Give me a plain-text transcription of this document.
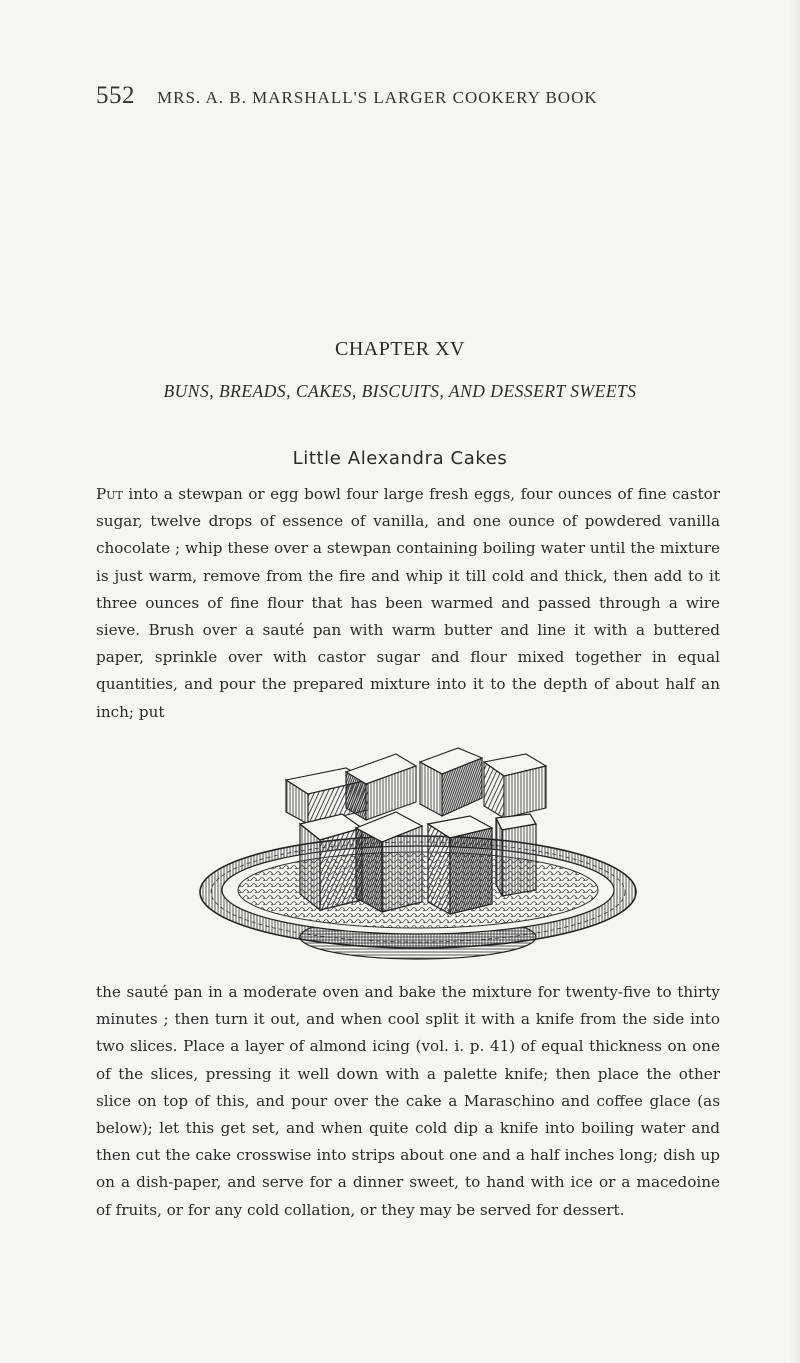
552 MRS. A. B. MARSHALL'S LARGER COOKERY BOOK
CHAPTER XV
BUNS, BREADS, CAKES, BISCUITS, AND DESSERT SWEETS
Little Alexandra Cakes

Put into a stewpan or egg bowl four large fresh eggs, four ounces of fine castor sugar, twelve drops of essence of vanilla, and one ounce of powdered vanilla chocolate ; whip these over a stewpan containing boiling water until the mixture is just warm, remove from the fire and whip it till cold and thick, then add to it three ounces of fine flour that has been warmed and passed through a wire sieve. Brush over a sauté pan with warm butter and line it with a buttered paper, sprinkle over with castor sugar and flour mixed together in equal quantities, and pour the prepared mixture into it to the depth of about half an inch; put

the sauté pan in a moderate oven and bake the mixture for twenty-five to thirty minutes ; then turn it out, and when cool split it with a knife from the side into two slices. Place a layer of almond icing (vol. i. p. 41) of equal thickness on one of the slices, pressing it well down with a palette knife; then place the other slice on top of this, and pour over the cake a Maraschino and coffee glace (as below); let this get set, and when quite cold dip a knife into boiling water and then cut the cake crosswise into strips about one and a half inches long; dish up on a dish-paper, and serve for a dinner sweet, to hand with ice or a macedoine of fruits, or for any cold collation, or they may be served for dessert.
